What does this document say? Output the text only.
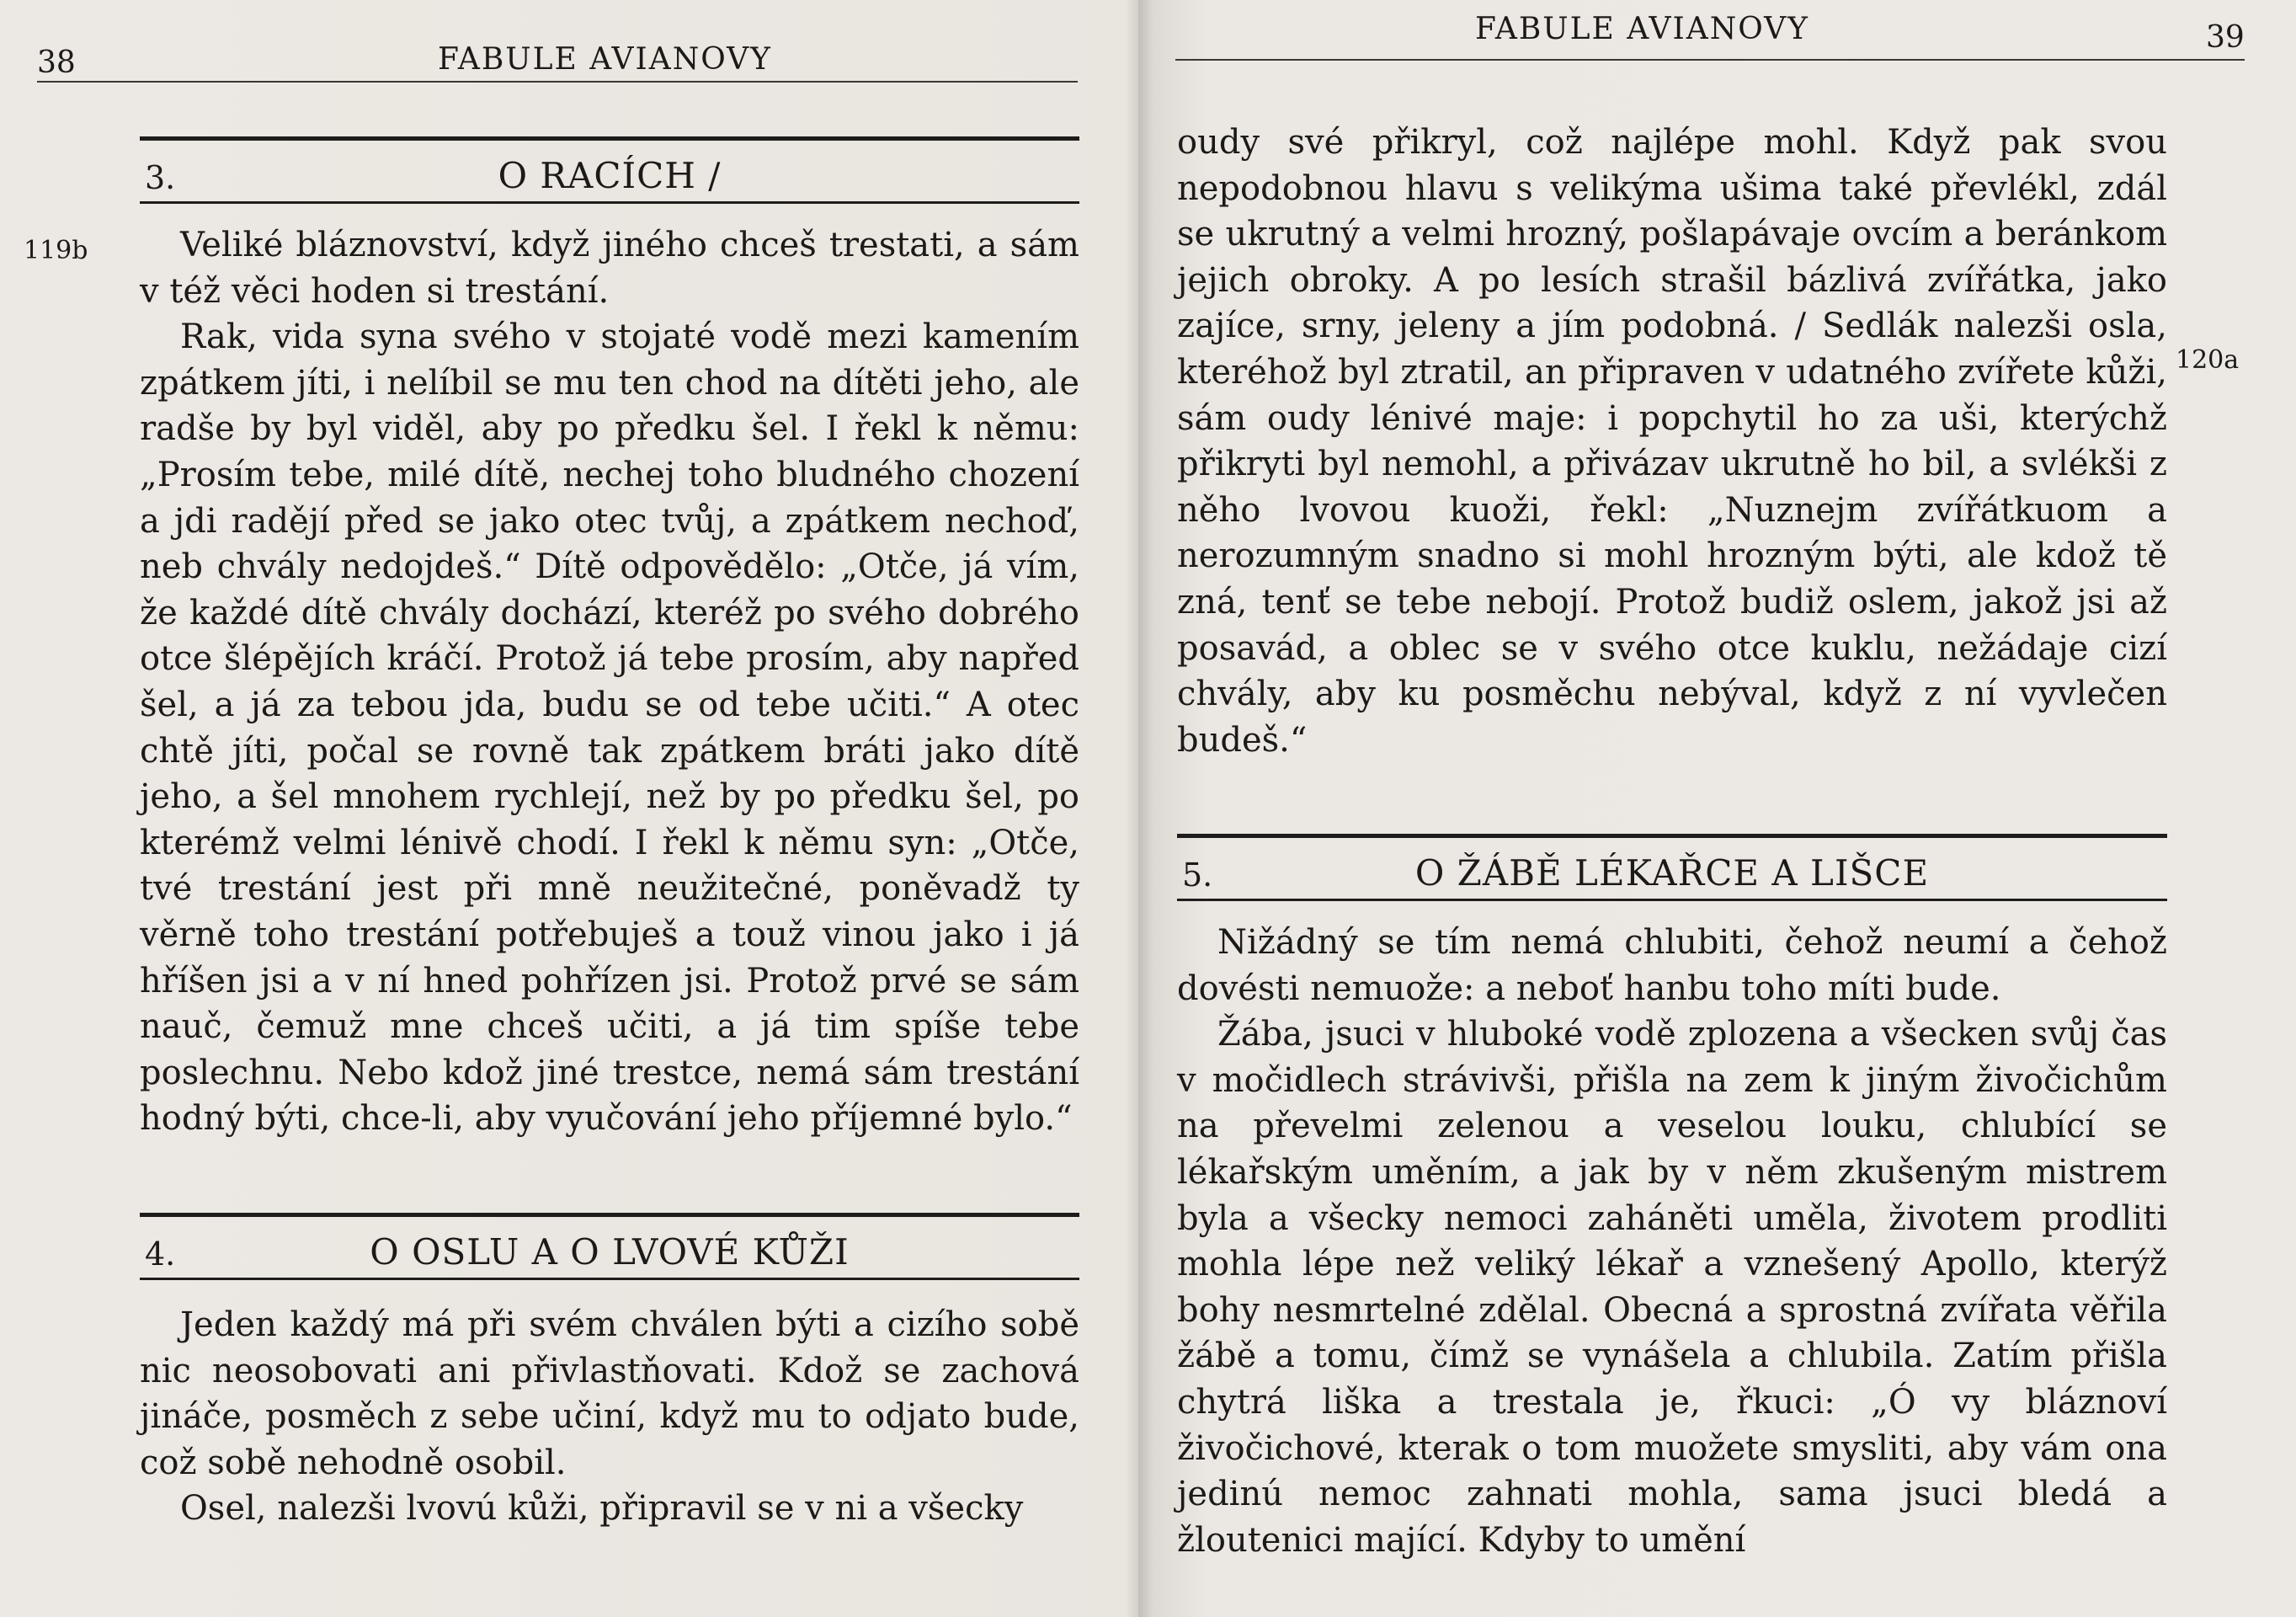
38	FABULE AVIANOVY
119b
3.	O RACÍCH /

Veliké bláznovství, když jiného chceš trestati, a sám v též věci hoden si trestání.

Rak, vida syna svého v stojaté vodě mezi kamením zpátkem jíti, i nelíbil se mu ten chod na dítěti jeho, ale radše by byl viděl, aby po předku šel. I řekl k němu: „Prosím tebe, milé dítě, nechej toho bludného chození a jdi radějí před se jako otec tvůj, a zpátkem nechoď, neb chvály nedojdeš.“ Dítě odpovědělo: „Otče, já vím, že každé dítě chvály dochází, kteréž po svého dobrého otce šlépějích kráčí. Protož já tebe prosím, aby napřed šel, a já za tebou jda, budu se od tebe učiti.“ A otec chtě jíti, počal se rovně tak zpátkem bráti jako dítě jeho, a šel mnohem rychlejí, než by po předku šel, po kterémž velmi lénivě chodí. I řekl k němu syn: „Otče, tvé trestání jest při mně neužitečné, poněvadž ty věrně toho trestání potřebuješ a touž vinou jako i já hříšen jsi a v ní hned pohřízen jsi. Protož prvé se sám nauč, čemuž mne chceš učiti, a já tim spíše tebe poslechnu. Nebo kdož jiné trestce, nemá sám trestání hodný býti, chce-li, aby vyučování jeho příjemné bylo.“

4.	O OSLU A O LVOVÉ KŮŽI

Jeden každý má při svém chválen býti a cizího sobě nic neosobovati ani přivlastňovati. Kdož se zachová jináče, posměch z sebe učiní, když mu to odjato bude, což sobě nehodně osobil.

Osel, nalezši lvovú kůži, připravil se v ni a všecky

FABULE AVIANOVY	39
120a

oudy své přikryl, což najlépe mohl. Když pak svou nepodobnou hlavu s velikýma ušima také převlékl, zdál se ukrutný a velmi hrozný, pošlapávaje ovcím a beránkom jejich obroky. A po lesích strašil bázlivá zvířátka, jako zajíce, srny, jeleny a jím podobná. / Sedlák nalezši osla, kteréhož byl ztratil, an připraven v udatného zvířete kůži, sám oudy lénivé maje: i popchytil ho za uši, kterýchž přikryti byl nemohl, a přivázav ukrutně ho bil, a svlékši z něho lvovou kuoži, řekl: „Nuznejm zvířátkuom a nerozumným snadno si mohl hrozným býti, ale kdož tě zná, tenť se tebe nebojí. Protož budiž oslem, jakož jsi až posavád, a oblec se v svého otce kuklu, nežádaje cizí chvály, aby ku posměchu nebýval, když z ní vyvlečen budeš.“

5.	O ŽÁBĚ LÉKAŘCE A LIŠCE

Nižádný se tím nemá chlubiti, čehož neumí a čehož dovésti nemuože: a neboť hanbu toho míti bude.

Žába, jsuci v hluboké vodě zplozena a všecken svůj čas v močidlech strávivši, přišla na zem k jiným živočichům na převelmi zelenou a veselou louku, chlubící se lékařským uměním, a jak by v něm zkušeným mistrem byla a všecky nemoci zaháněti uměla, životem prodliti mohla lépe než veliký lékař a vznešený Apollo, kterýž bohy nesmrtelné zdělal. Obecná a sprostná zvířata věřila žábě a tomu, čímž se vynášela a chlubila. Zatím přišla chytrá liška a trestala je, řkuci: „Ó vy bláznoví živočichové, kterak o tom muožete smysliti, aby vám ona jedinú nemoc zahnati mohla, sama jsuci bledá a žloutenici mající. Kdyby to umění
